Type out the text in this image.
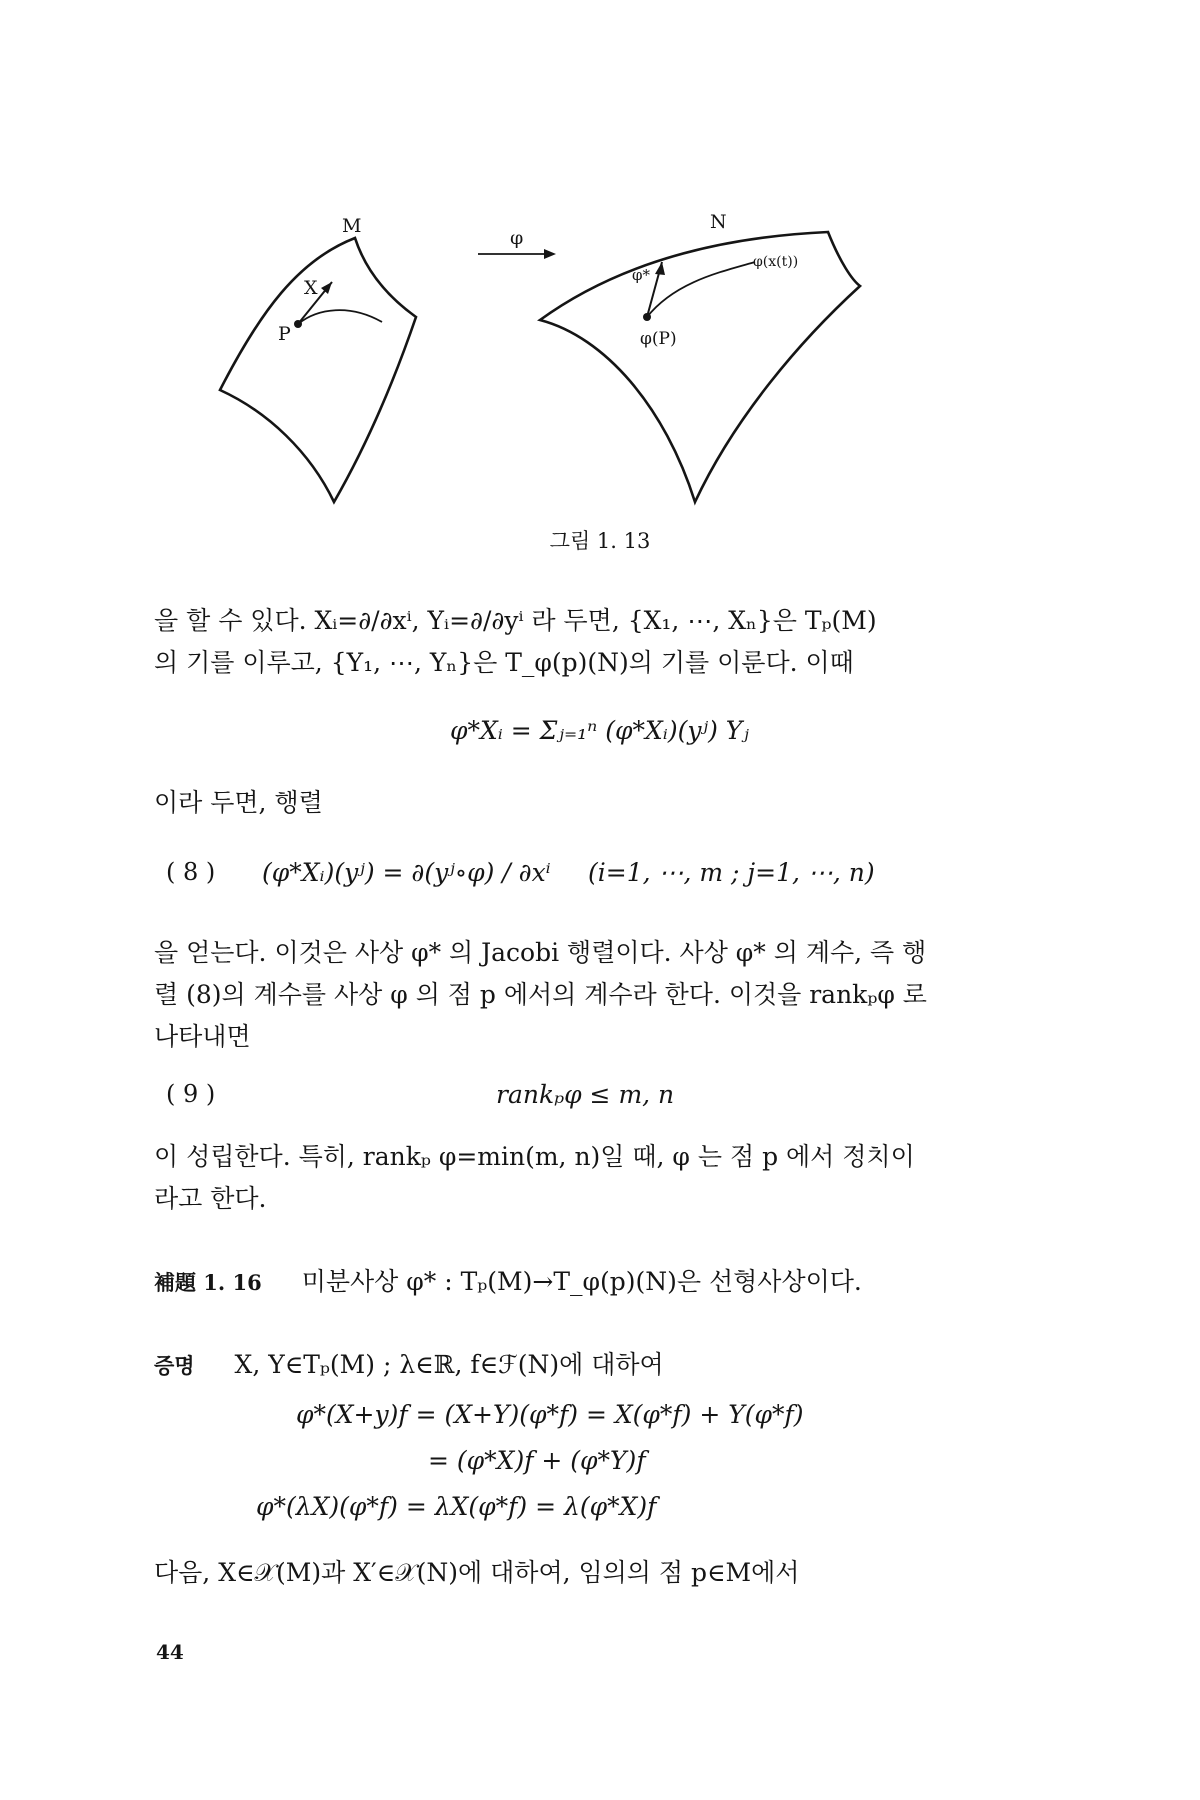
M
X
P
φ
N
φ*
φ(x(t))
φ(P)
그림 1. 13
을 할 수 있다. Xᵢ=∂/∂xⁱ, Yᵢ=∂/∂yⁱ 라 두면, {X₁, ⋯, Xₙ}은 Tₚ(M)
의 기를 이루고, {Y₁, ⋯, Yₙ}은 T_φ(p)(N)의 기를 이룬다. 이때
φ*Xᵢ = Σⱼ₌₁ⁿ (φ*Xᵢ)(yʲ) Yⱼ
이라 두면, 행렬
( 8 ) (φ*Xᵢ)(yʲ) = ∂(yʲ∘φ) / ∂xⁱ (i=1, ⋯, m ; j=1, ⋯, n)
을 얻는다. 이것은 사상 φ* 의 Jacobi 행렬이다. 사상 φ* 의 계수, 즉 행
렬 (8)의 계수를 사상 φ 의 점 p 에서의 계수라 한다. 이것을 rankₚφ 로
나타내면
( 9 )	rankₚφ ≤ m, n
이 성립한다. 특히, rankₚ φ=min(m, n)일 때, φ 는 점 p 에서 정치이
라고 한다.
補題 1. 16 미분사상 φ* : Tₚ(M)→T_φ(p)(N)은 선형사상이다.
증명 X, Y∈Tₚ(M) ; λ∈ℝ, f∈ℱ(N)에 대하여
φ*(X+y)f = (X+Y)(φ*f) = X(φ*f) + Y(φ*f)
= (φ*X)f + (φ*Y)f
φ*(λX)(φ*f) = λX(φ*f) = λ(φ*X)f
다음, X∈𝒳(M)과 X′∈𝒳(N)에 대하여, 임의의 점 p∈M에서
44
